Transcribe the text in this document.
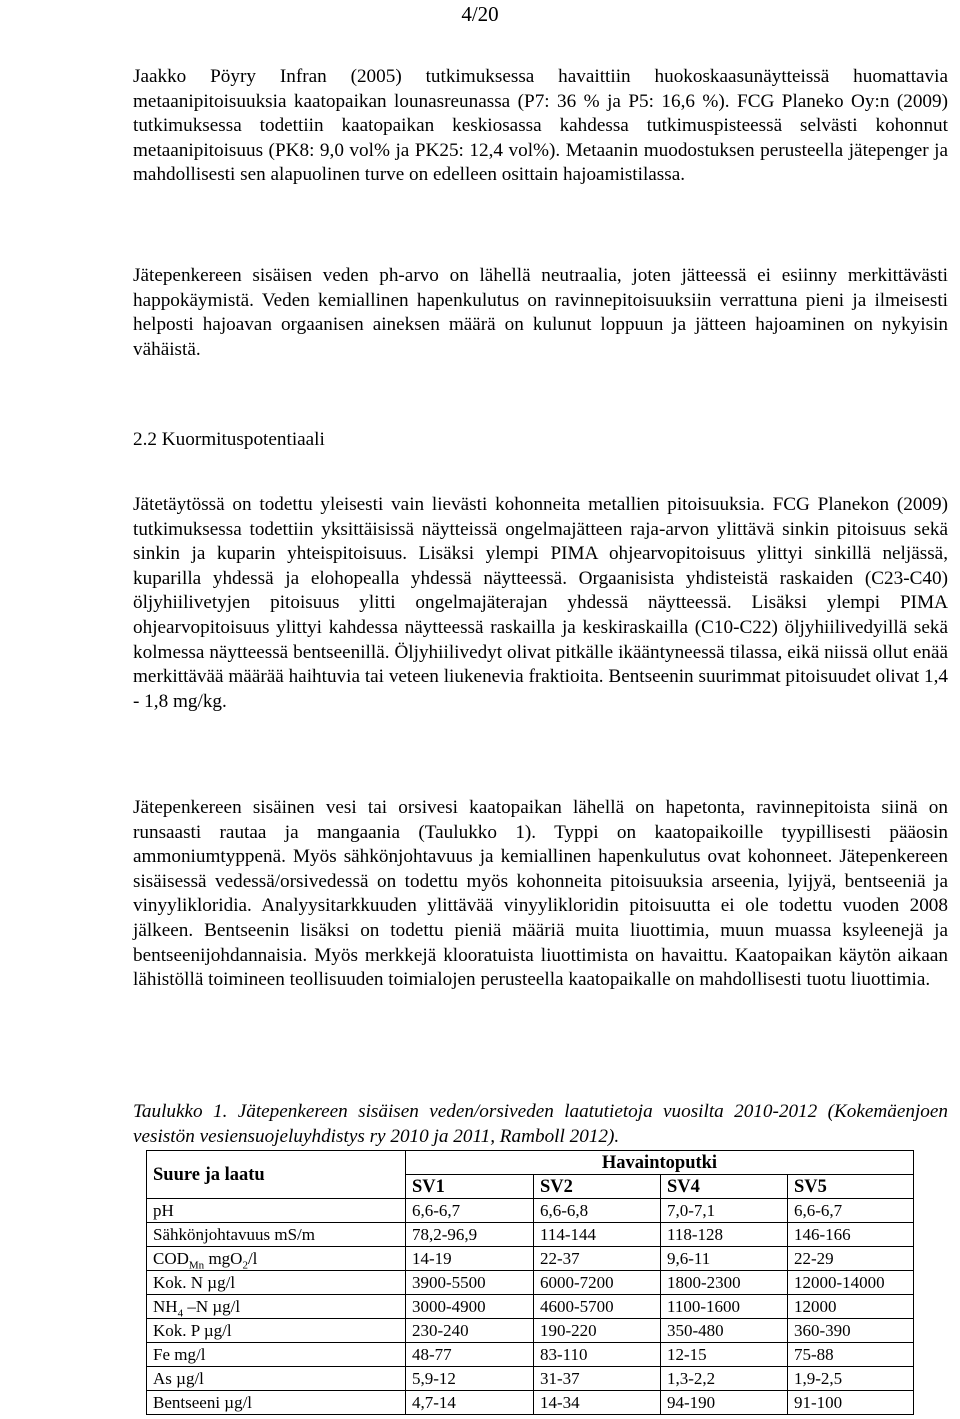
4/20

Jaakko Pöyry Infran (2005) tutkimuksessa havaittiin huokoskaasunäytteissä huomattavia metaanipitoisuuksia kaatopaikan lounasreunassa (P7: 36 % ja P5: 16,6 %). FCG Planeko Oy:n (2009) tutkimuksessa todettiin kaatopaikan keskiosassa kahdessa tutkimuspisteessä selvästi kohonnut metaanipitoisuus (PK8: 9,0 vol% ja PK25: 12,4 vol%). Metaanin muodostuksen perusteella jätepenger ja mahdollisesti sen alapuolinen turve on edelleen osittain hajoamistilassa.

Jätepenkereen sisäisen veden ph-arvo on lähellä neutraalia, joten jätteessä ei esiinny merkittävästi happokäymistä. Veden kemiallinen hapenkulutus on ravinnepitoisuuksiin verrattuna pieni ja ilmeisesti helposti hajoavan orgaanisen aineksen määrä on kulunut loppuun ja jätteen hajoaminen on nykyisin vähäistä.

2.2 Kuormituspotentiaali

Jätetäytössä on todettu yleisesti vain lievästi kohonneita metallien pitoisuuksia. FCG Planekon (2009) tutkimuksessa todettiin yksittäisissä näytteissä ongelmajätteen raja-arvon ylittävä sinkin pitoisuus sekä sinkin ja kuparin yhteispitoisuus. Lisäksi ylempi PIMA ohjearvopitoisuus ylittyi sinkillä neljässä, kuparilla yhdessä ja elohopealla yhdessä näytteessä. Orgaanisista yhdisteistä raskaiden (C23-C40) öljyhiilivetyjen pitoisuus ylitti ongelmajäterajan yhdessä näytteessä. Lisäksi ylempi PIMA ohjearvopitoisuus ylittyi kahdessa näytteessä raskailla ja keskiraskailla (C10-C22) öljyhiilivedyillä sekä kolmessa näytteessä bentseenillä. Öljyhiilivedyt olivat pitkälle ikääntyneessä tilassa, eikä niissä ollut enää merkittävää määrää haihtuvia tai veteen liukenevia fraktioita. Bentseenin suurimmat pitoisuudet olivat 1,4 - 1,8 mg/kg.

Jätepenkereen sisäinen vesi tai orsivesi kaatopaikan lähellä on hapetonta, ravinnepitoista siinä on runsaasti rautaa ja mangaania (Taulukko 1). Typpi on kaatopaikoille tyypillisesti pääosin ammoniumtyppenä. Myös sähkönjohtavuus ja kemiallinen hapenkulutus ovat kohonneet. Jätepenkereen sisäisessä vedessä/orsivedessä on todettu myös kohonneita pitoisuuksia arseenia, lyijyä, bentseeniä ja vinyylikloridia. Analyysitarkkuuden ylittävää vinyylikloridin pitoisuutta ei ole todettu vuoden 2008 jälkeen. Bentseenin lisäksi on todettu pieniä määriä muita liuottimia, muun muassa ksyleenejä ja bentseenijohdannaisia. Myös merkkejä klooratuista liuottimista on havaittu. Kaatopaikan käytön aikaan lähistöllä toimineen teollisuuden toimialojen perusteella kaatopaikalle on mahdollisesti tuotu liuottimia.

Taulukko 1. Jätepenkereen sisäisen veden/orsiveden laatutietoja vuosilta 2010-2012 (Kokemäenjoen vesistön vesiensuojeluyhdistys ry 2010 ja 2011, Ramboll 2012).

Suure ja laatu	Havaintoputki			
	SV1	SV2	SV4	SV5
pH	6,6-6,7	6,6-6,8	7,0-7,1	6,6-6,7
Sähkönjohtavuus mS/m	78,2-96,9	114-144	118-128	146-166
$COD_{Mn}$ mgO$_2$/l	14-19	22-37	9,6-11	22-29
Kok. N µg/l	3900-5500	6000-7200	1800-2300	12000-14000
$NH_4$ –N µg/l	3000-4900	4600-5700	1100-1600	12000
Kok. P µg/l	230-240	190-220	350-480	360-390
Fe mg/l	48-77	83-110	12-15	75-88
As µg/l	5,9-12	31-37	1,3-2,2	1,9-2,5
Bentseeni µg/l	4,7-14	14-34	94-190	91-100
